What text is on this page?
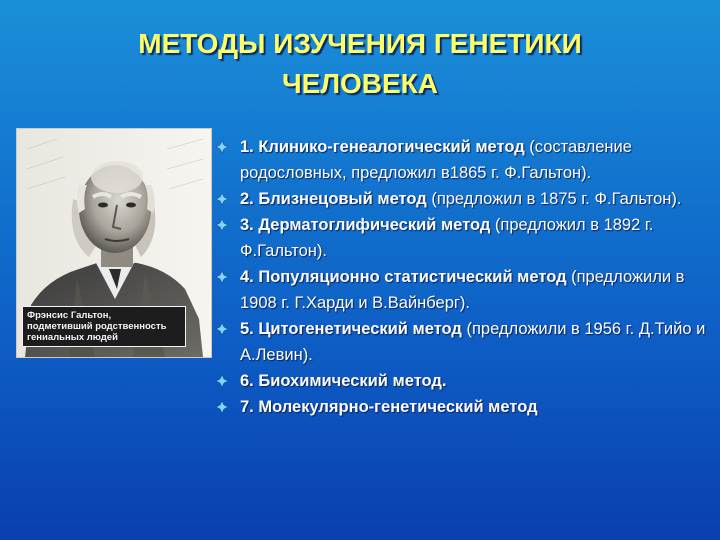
МЕТОДЫ ИЗУЧЕНИЯ ГЕНЕТИКИ
ЧЕЛОВЕКА
Фрэнсис Гальтон,
подметивший родственность
гениальных людей
1. Клинико-генеалогический метод (составление родословных, предложил в1865 г. Ф.Гальтон).
2. Близнецовый метод (предложил в 1875 г. Ф.Гальтон).
3. Дерматоглифический метод (предложил в 1892 г. Ф.Гальтон).
4. Популяционно статистический метод (предложили в 1908 г. Г.Харди и В.Вайнберг).
5. Цитогенетический метод (предложили в 1956 г. Д.Тийо и А.Левин).
6. Биохимический метод.
7. Молекулярно-генетический метод
